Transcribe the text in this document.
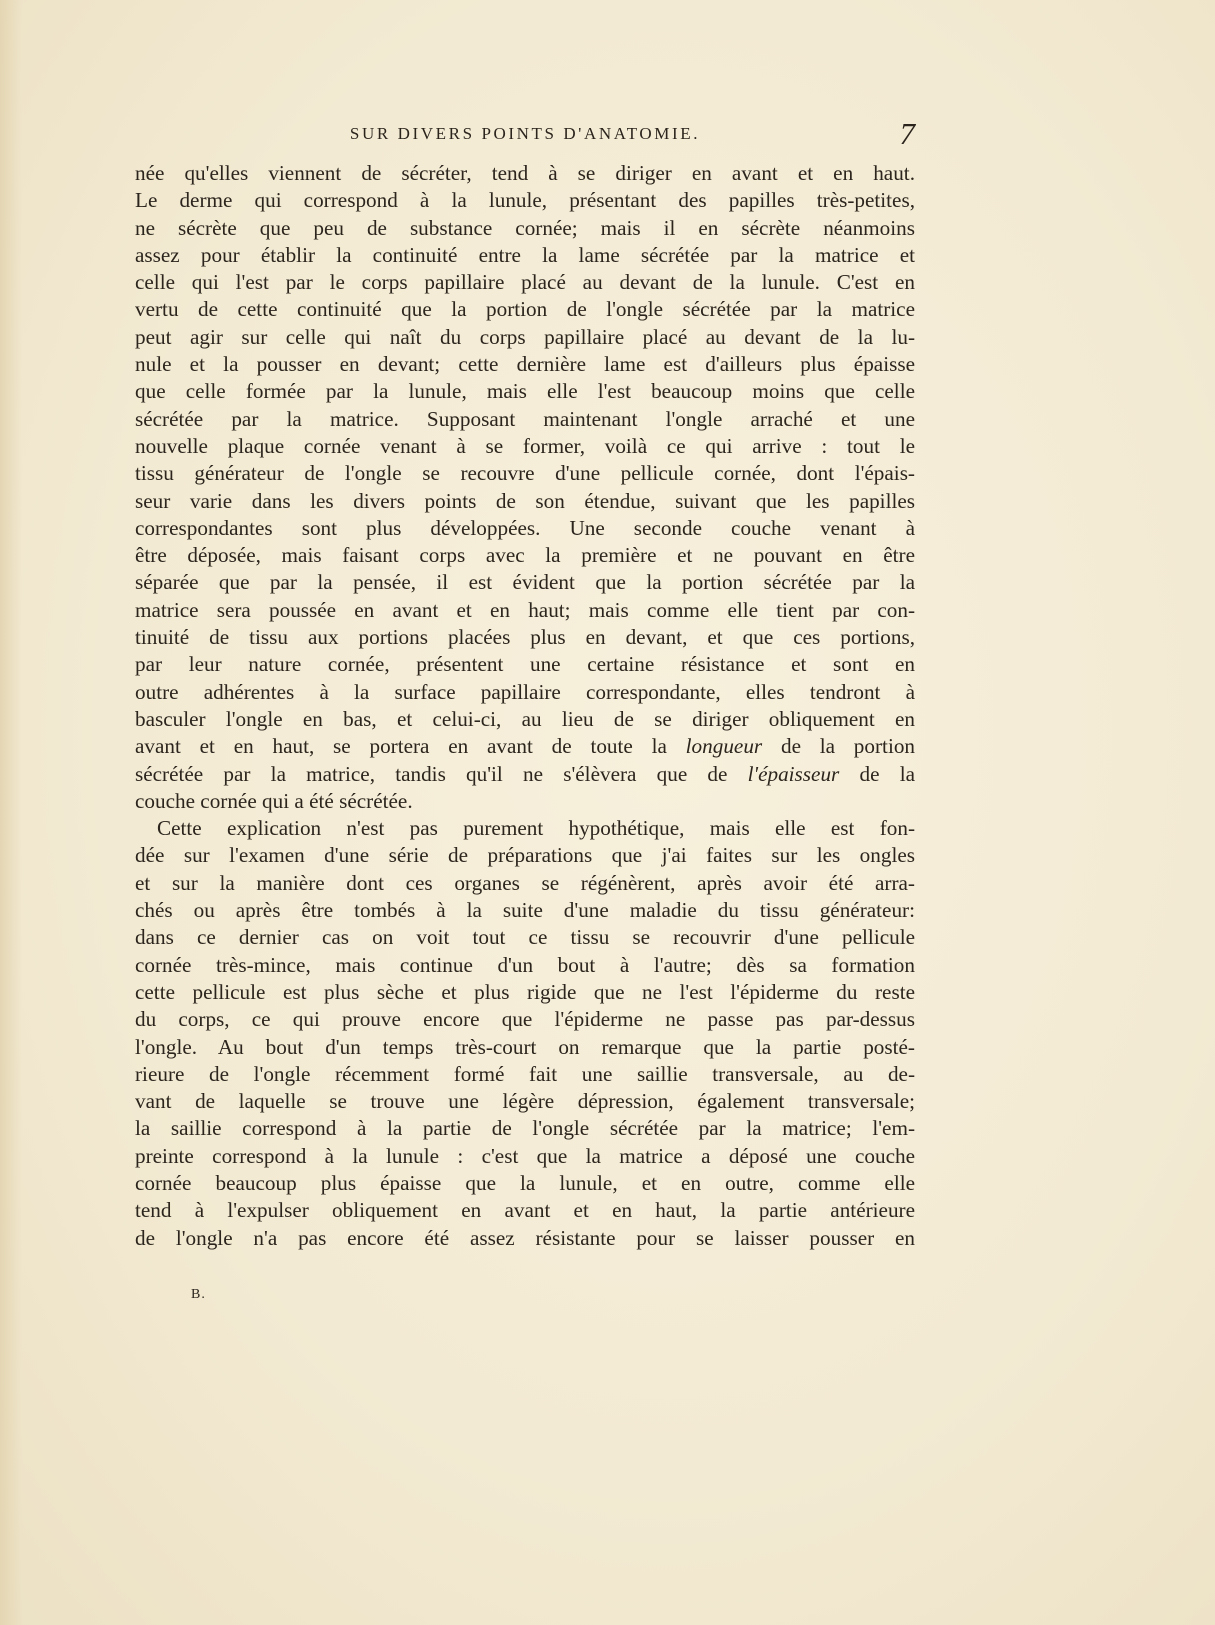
SUR DIVERS POINTS D'ANATOMIE.	7
née qu'elles viennent de sécréter, tend à se diriger en avant et en haut.
Le derme qui correspond à la lunule, présentant des papilles très-petites,
ne sécrète que peu de substance cornée; mais il en sécrète néanmoins
assez pour établir la continuité entre la lame sécrétée par la matrice et
celle qui l'est par le corps papillaire placé au devant de la lunule. C'est en
vertu de cette continuité que la portion de l'ongle sécrétée par la matrice
peut agir sur celle qui naît du corps papillaire placé au devant de la lu-
nule et la pousser en devant; cette dernière lame est d'ailleurs plus épaisse
que celle formée par la lunule, mais elle l'est beaucoup moins que celle
sécrétée par la matrice. Supposant maintenant l'ongle arraché et une
nouvelle plaque cornée venant à se former, voilà ce qui arrive : tout le
tissu générateur de l'ongle se recouvre d'une pellicule cornée, dont l'épais-
seur varie dans les divers points de son étendue, suivant que les papilles
correspondantes sont plus développées. Une seconde couche venant à
être déposée, mais faisant corps avec la première et ne pouvant en être
séparée que par la pensée, il est évident que la portion sécrétée par la
matrice sera poussée en avant et en haut; mais comme elle tient par con-
tinuité de tissu aux portions placées plus en devant, et que ces portions,
par leur nature cornée, présentent une certaine résistance et sont en
outre adhérentes à la surface papillaire correspondante, elles tendront à
basculer l'ongle en bas, et celui-ci, au lieu de se diriger obliquement en
avant et en haut, se portera en avant de toute la longueur de la portion
sécrétée par la matrice, tandis qu'il ne s'élèvera que de l'épaisseur de la
couche cornée qui a été sécrétée.
Cette explication n'est pas purement hypothétique, mais elle est fon-
dée sur l'examen d'une série de préparations que j'ai faites sur les ongles
et sur la manière dont ces organes se régénèrent, après avoir été arra-
chés ou après être tombés à la suite d'une maladie du tissu générateur:
dans ce dernier cas on voit tout ce tissu se recouvrir d'une pellicule
cornée très-mince, mais continue d'un bout à l'autre; dès sa formation
cette pellicule est plus sèche et plus rigide que ne l'est l'épiderme du reste
du corps, ce qui prouve encore que l'épiderme ne passe pas par-dessus
l'ongle. Au bout d'un temps très-court on remarque que la partie posté-
rieure de l'ongle récemment formé fait une saillie transversale, au de-
vant de laquelle se trouve une légère dépression, également transversale;
la saillie correspond à la partie de l'ongle sécrétée par la matrice; l'em-
preinte correspond à la lunule : c'est que la matrice a déposé une couche
cornée beaucoup plus épaisse que la lunule, et en outre, comme elle
tend à l'expulser obliquement en avant et en haut, la partie antérieure
de l'ongle n'a pas encore été assez résistante pour se laisser pousser en
B.
